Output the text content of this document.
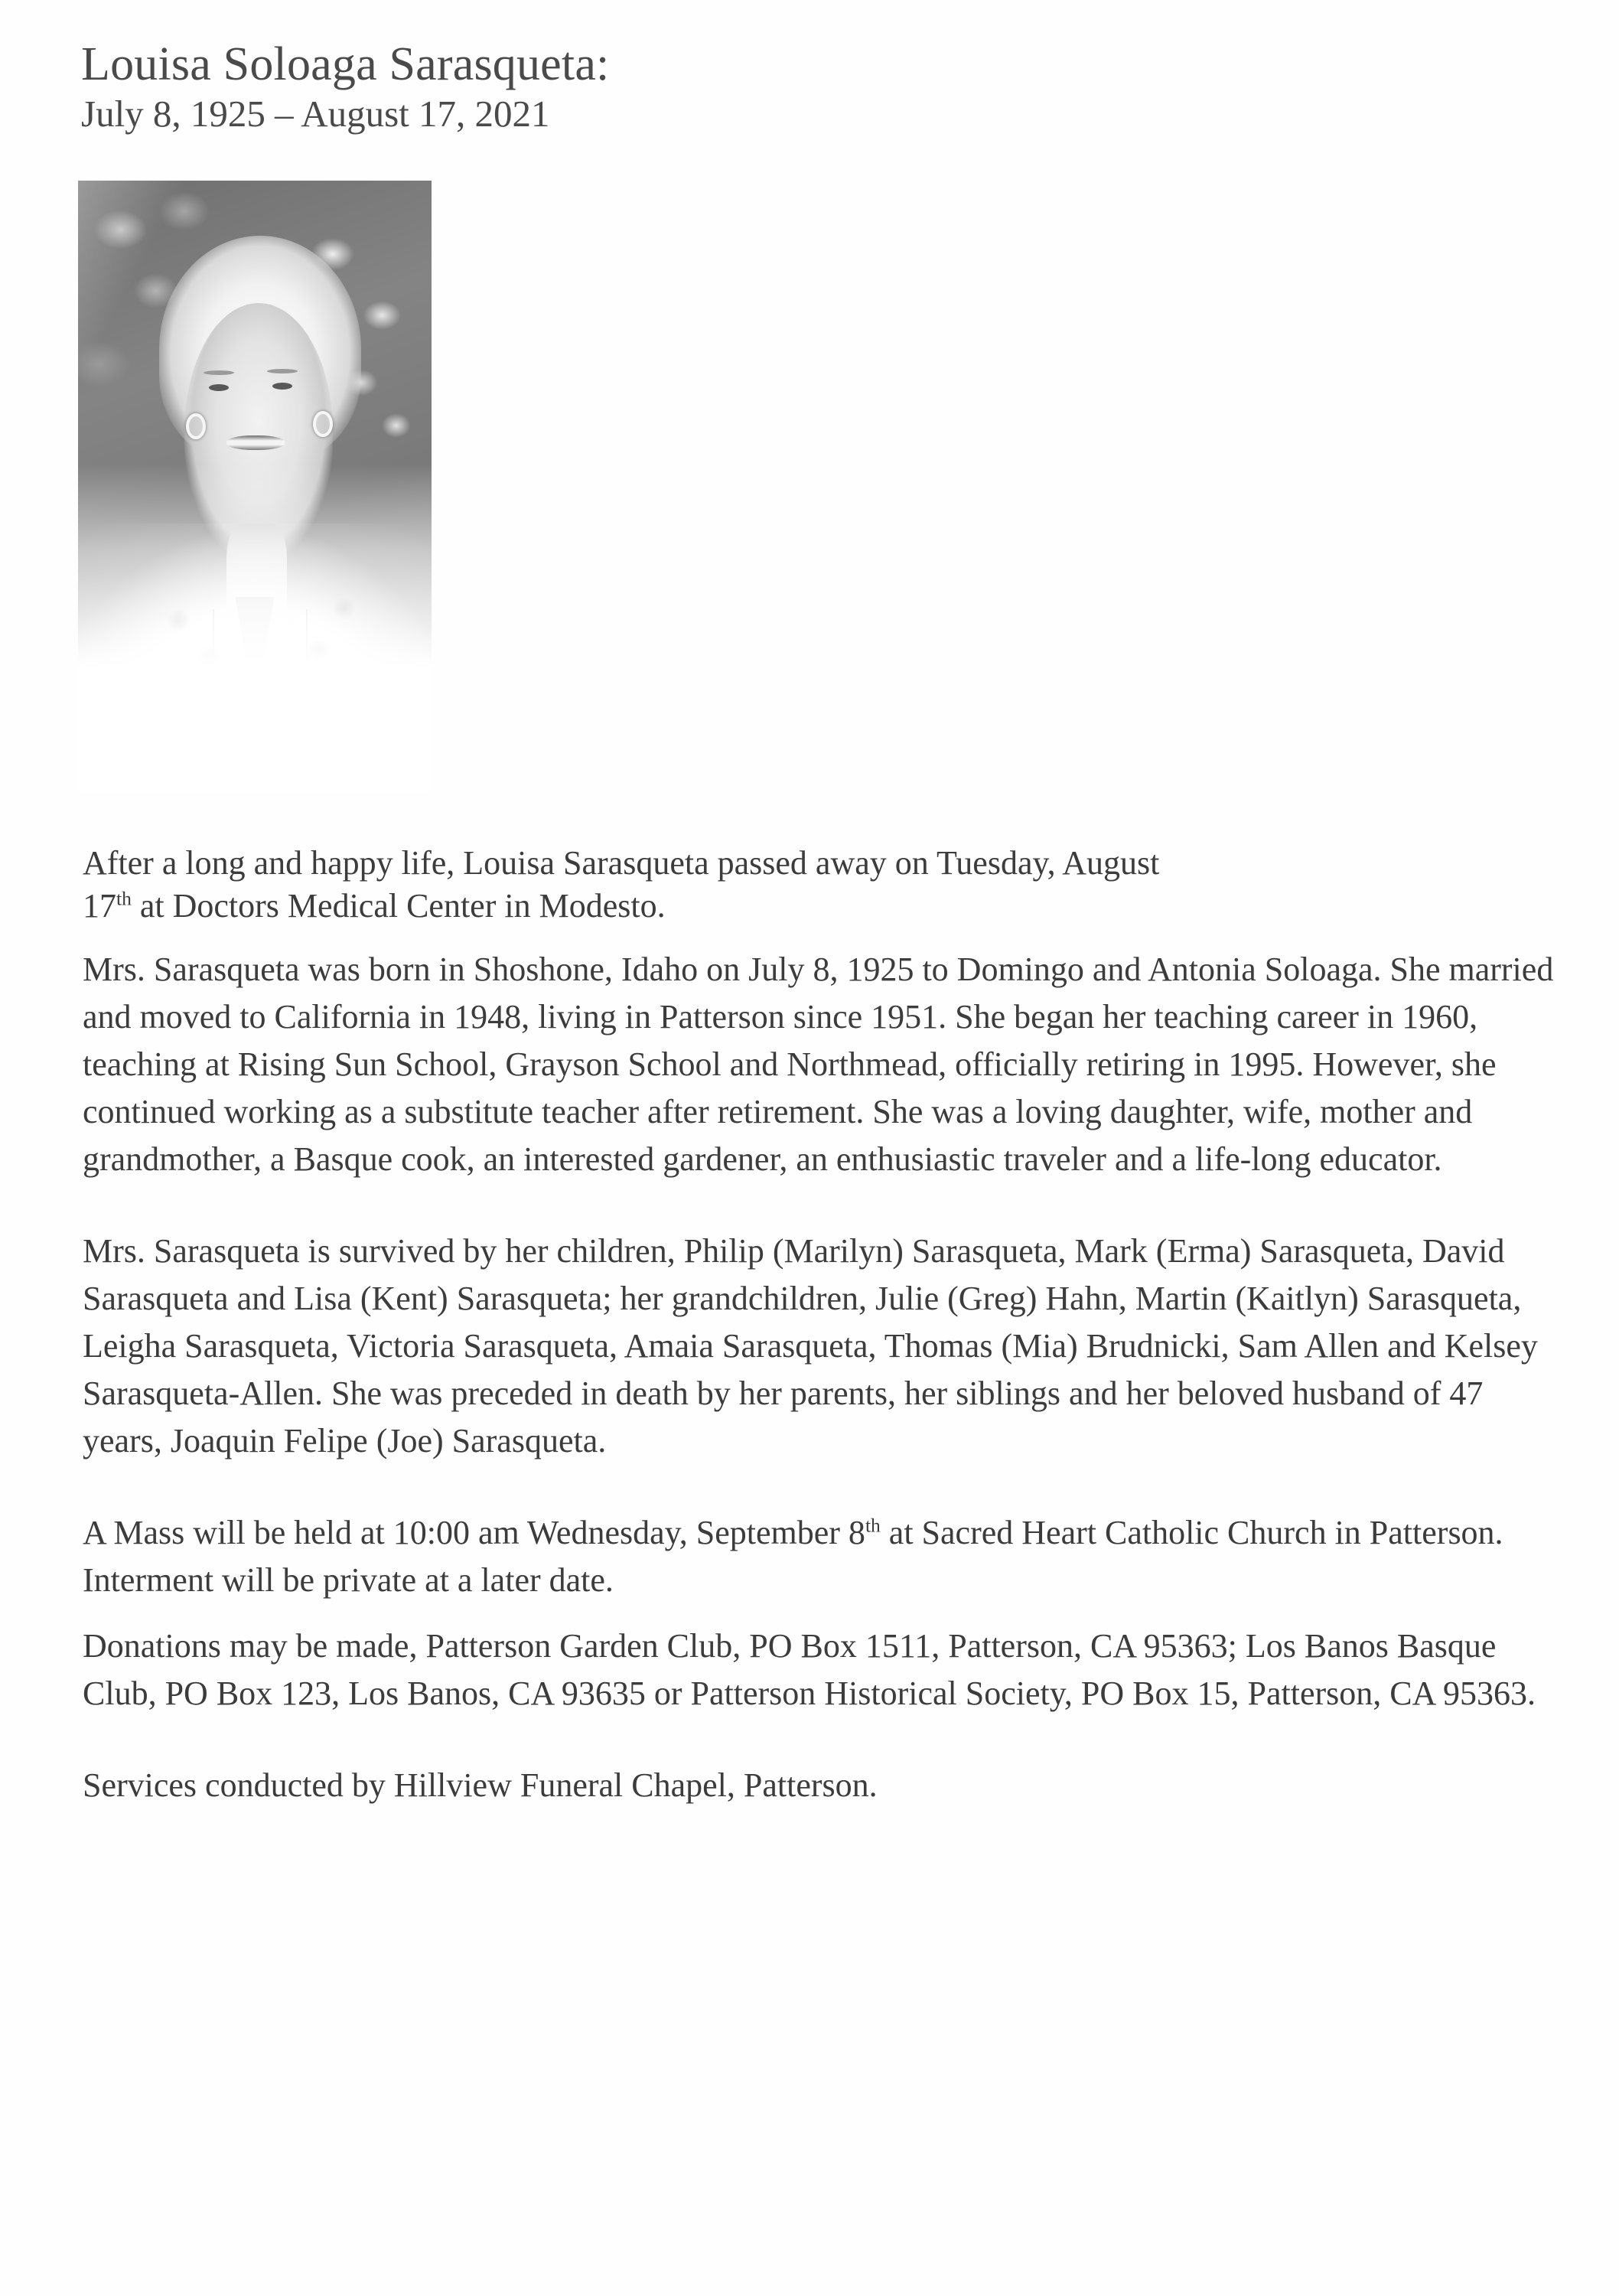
Louisa Soloaga Sarasqueta:
July 8, 1925 – August 17, 2021

After a long and happy life, Louisa Sarasqueta passed away on Tuesday, August
17th at Doctors Medical Center in Modesto.

Mrs. Sarasqueta was born in Shoshone, Idaho on July 8, 1925 to Domingo and Antonia Soloaga. She married and moved to California in 1948, living in Patterson since 1951. She began her teaching career in 1960, teaching at Rising Sun School, Grayson School and Northmead, officially retiring in 1995. However, she continued working as a substitute teacher after retirement. She was a loving daughter, wife, mother and grandmother, a Basque cook, an interested gardener, an enthusiastic traveler and a life-long educator.

Mrs. Sarasqueta is survived by her children, Philip (Marilyn) Sarasqueta, Mark (Erma) Sarasqueta, David Sarasqueta and Lisa (Kent) Sarasqueta; her grandchildren, Julie (Greg) Hahn, Martin (Kaitlyn) Sarasqueta, Leigha Sarasqueta, Victoria Sarasqueta, Amaia Sarasqueta, Thomas (Mia) Brudnicki, Sam Allen and Kelsey Sarasqueta-Allen. She was preceded in death by her parents, her siblings and her beloved husband of 47 years, Joaquin Felipe (Joe) Sarasqueta.

A Mass will be held at 10:00 am Wednesday, September 8th at Sacred Heart Catholic Church in Patterson. Interment will be private at a later date.

Donations may be made, Patterson Garden Club, PO Box 1511, Patterson, CA 95363; Los Banos Basque Club, PO Box 123, Los Banos, CA 93635 or Patterson Historical Society, PO Box 15, Patterson, CA 95363.

Services conducted by Hillview Funeral Chapel, Patterson.
